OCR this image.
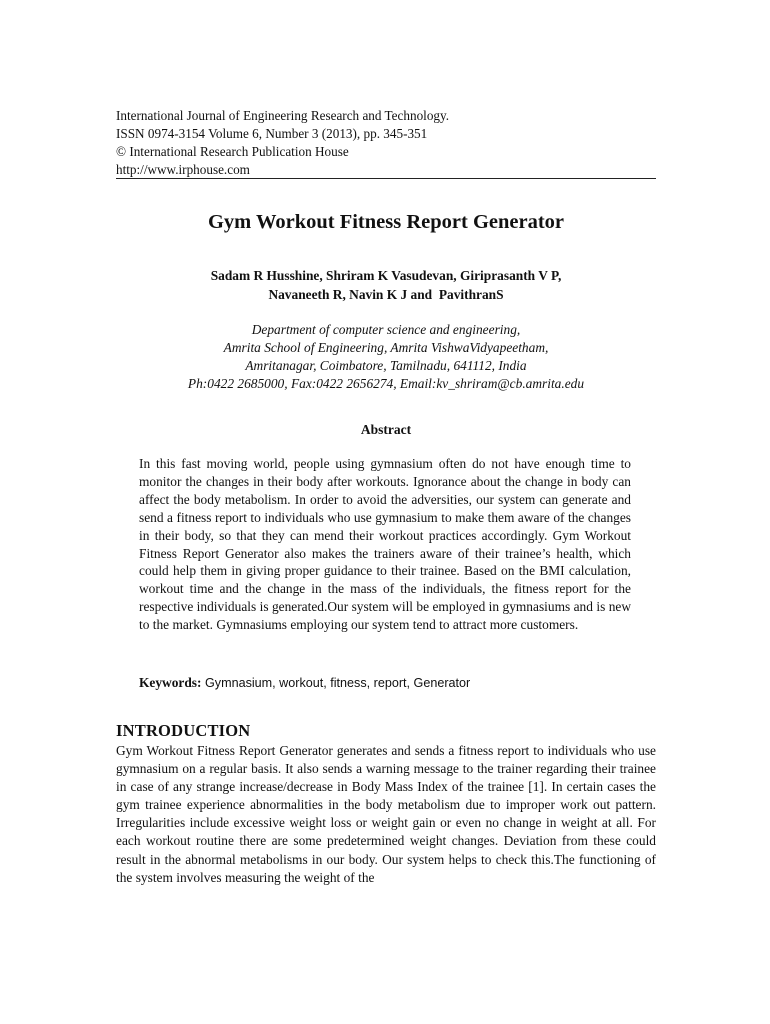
International Journal of Engineering Research and Technology.
ISSN 0974-3154 Volume 6, Number 3 (2013), pp. 345-351
© International Research Publication House
http://www.irphouse.com
Gym Workout Fitness Report Generator
Sadam R Husshine, Shriram K Vasudevan, Giriprasanth V P,
Navaneeth R, Navin K J and  PavithranS
Department of computer science and engineering,
Amrita School of Engineering, Amrita VishwaVidyapeetham,
Amritanagar, Coimbatore, Tamilnadu, 641112, India
Ph:0422 2685000, Fax:0422 2656274, Email:kv_shriram@cb.amrita.edu
Abstract
In this fast moving world, people using gymnasium often do not have enough time to monitor the changes in their body after workouts. Ignorance about the change in body can affect the body metabolism. In order to avoid the adversities, our system can generate and send a fitness report to individuals who use gymnasium to make them aware of the changes in their body, so that they can mend their workout practices accordingly. Gym Workout Fitness Report Generator also makes the trainers aware of their trainee’s health, which could help them in giving proper guidance to their trainee. Based on the BMI calculation, workout time and the change in the mass of the individuals, the fitness report for the respective individuals is generated.Our system will be employed in gymnasiums and is new to the market. Gymnasiums employing our system tend to attract more customers.
Keywords: Gymnasium, workout, fitness, report, Generator
INTRODUCTION
Gym Workout Fitness Report Generator generates and sends a fitness report to individuals who use gymnasium on a regular basis. It also sends a warning message to the trainer regarding their trainee in case of any strange increase/decrease in Body Mass Index of the trainee [1]. In certain cases the gym trainee experience abnormalities in the body metabolism due to improper work out pattern. Irregularities include excessive weight loss or weight gain or even no change in weight at all. For each workout routine there are some predetermined weight changes. Deviation from these could result in the abnormal metabolisms in our body. Our system helps to check this.The functioning of the system involves measuring the weight of the
